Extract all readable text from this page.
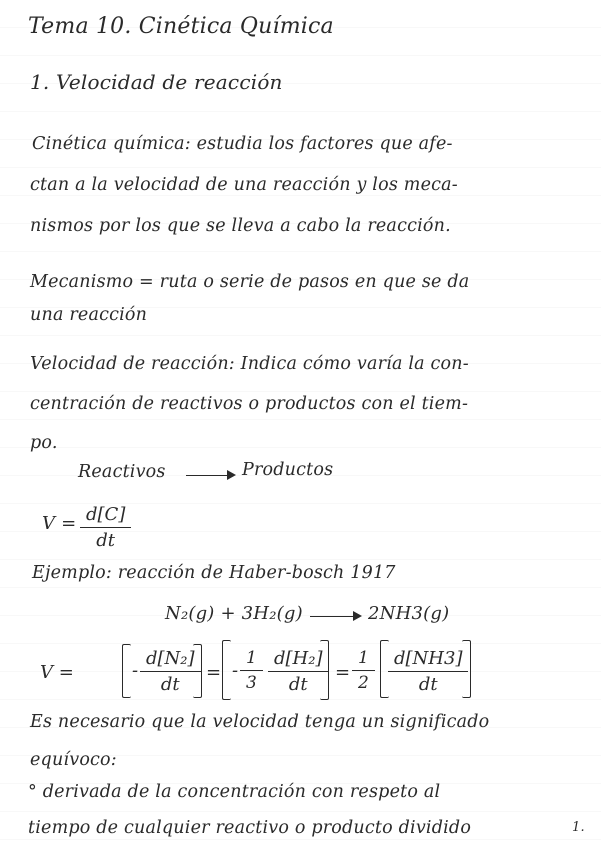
Tema 10. Cinética Química
1. Velocidad de reacción
Cinética química: estudia los factores que afe-
ctan a la velocidad de una reacción y los meca-
nismos por los que se lleva a cabo la reacción.
Mecanismo = ruta o serie de pasos en que se da
una reacción
Velocidad de reacción: Indica cómo varía la con-
centración de reactivos o productos con el tiem-
po.
Reactivos	Productos
$V = \frac{d[C]}{dt}$
Ejemplo: reacción de Haber-bosch 1917
N₂(g) + 3H₂(g)	2NH3(g)
V =	- $\frac{\text{d[N₂]}}{dt}$ = - $\frac{1}{3} \frac{\text{d[H₂]}}{dt} = \frac{1}{2} \frac{d[NH3]}{dt}$
Es necesario que la velocidad tenga un significado
equívoco:
° derivada de la concentración con respeto al
tiempo de cualquier reactivo o producto dividido	1.
